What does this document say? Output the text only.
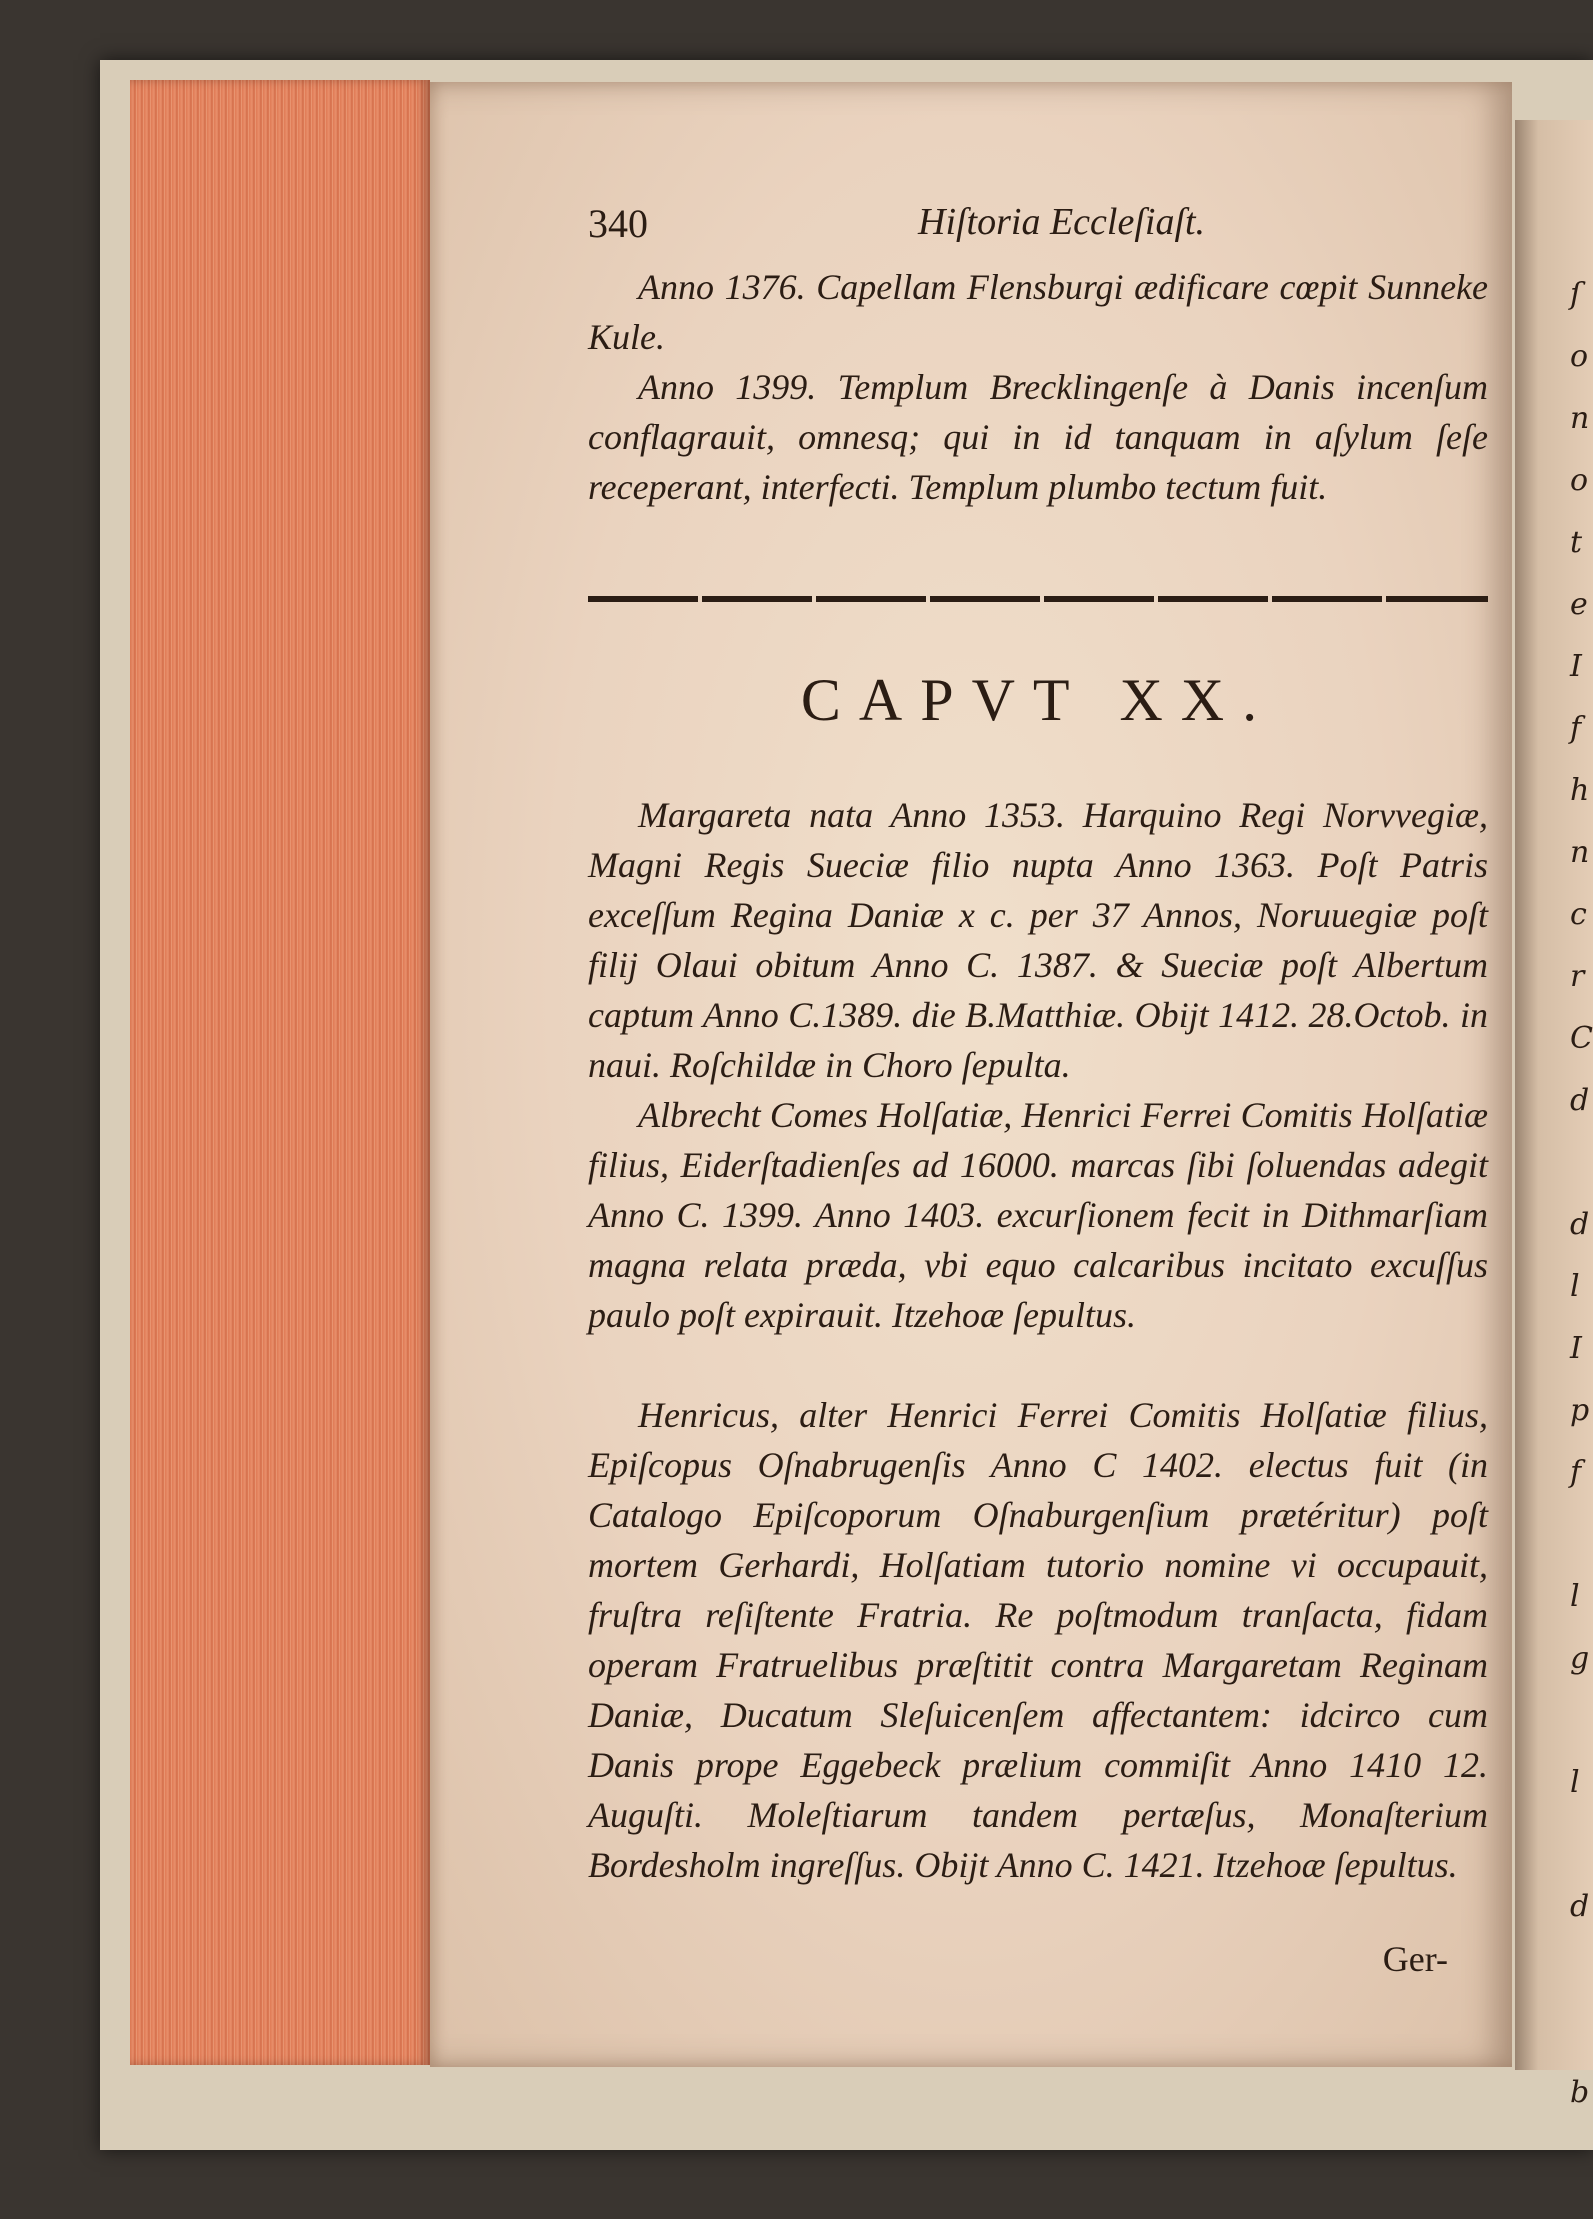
ſ
o
n
o
t
e
I
f
h
n
c
r
C
d
d
l
I
p
f
l
g
l
d
b
340	Hiſtoria Eccleſiaſt.

Anno 1376. Capellam Flensburgi ædificare cœpit Sunneke Kule.

Anno 1399. Templum Brecklingenſe à Danis incenſum conflagrauit, omnesq; qui in id tanquam in aſylum ſeſe receperant, interfecti. Templum plumbo tectum fuit.

CAPVT XX.

Margareta nata Anno 1353. Harquino Regi Norvvegiæ, Magni Regis Sueciæ filio nupta Anno 1363. Poſt Patris exceſſum Regina Daniæ x c. per 37 Annos, Noruuegiæ poſt filij Olaui obitum Anno C. 1387. & Sueciæ poſt Albertum captum Anno C.1389. die B.Matthiæ. Obijt 1412. 28.Octob. in naui. Roſchildæ in Choro ſepulta.

Albrecht Comes Holſatiæ, Henrici Ferrei Comitis Holſatiæ filius, Eiderſtadienſes ad 16000. marcas ſibi ſoluendas adegit Anno C. 1399. Anno 1403. excurſionem fecit in Dithmarſiam magna relata præda, vbi equo calcaribus incitato excuſſus paulo poſt expirauit. Itzehoæ ſepultus.

Henricus, alter Henrici Ferrei Comitis Holſatiæ filius, Epiſcopus Oſnabrugenſis Anno C 1402. electus fuit (in Catalogo Epiſcoporum Oſnaburgenſium prætéritur) poſt mortem Gerhardi, Holſatiam tutorio nomine vi occupauit, fruſtra reſiſtente Fratria. Re poſtmodum tranſacta, fidam operam Fratruelibus præſtitit contra Margaretam Reginam Daniæ, Ducatum Sleſuicenſem affectantem: idcirco cum Danis prope Eggebeck prælium commiſit Anno 1410 12. Auguſti. Moleſtiarum tandem pertæſus, Monaſterium Bordesholm ingreſſus. Obijt Anno C. 1421. Itzehoæ ſepultus.

Ger-
